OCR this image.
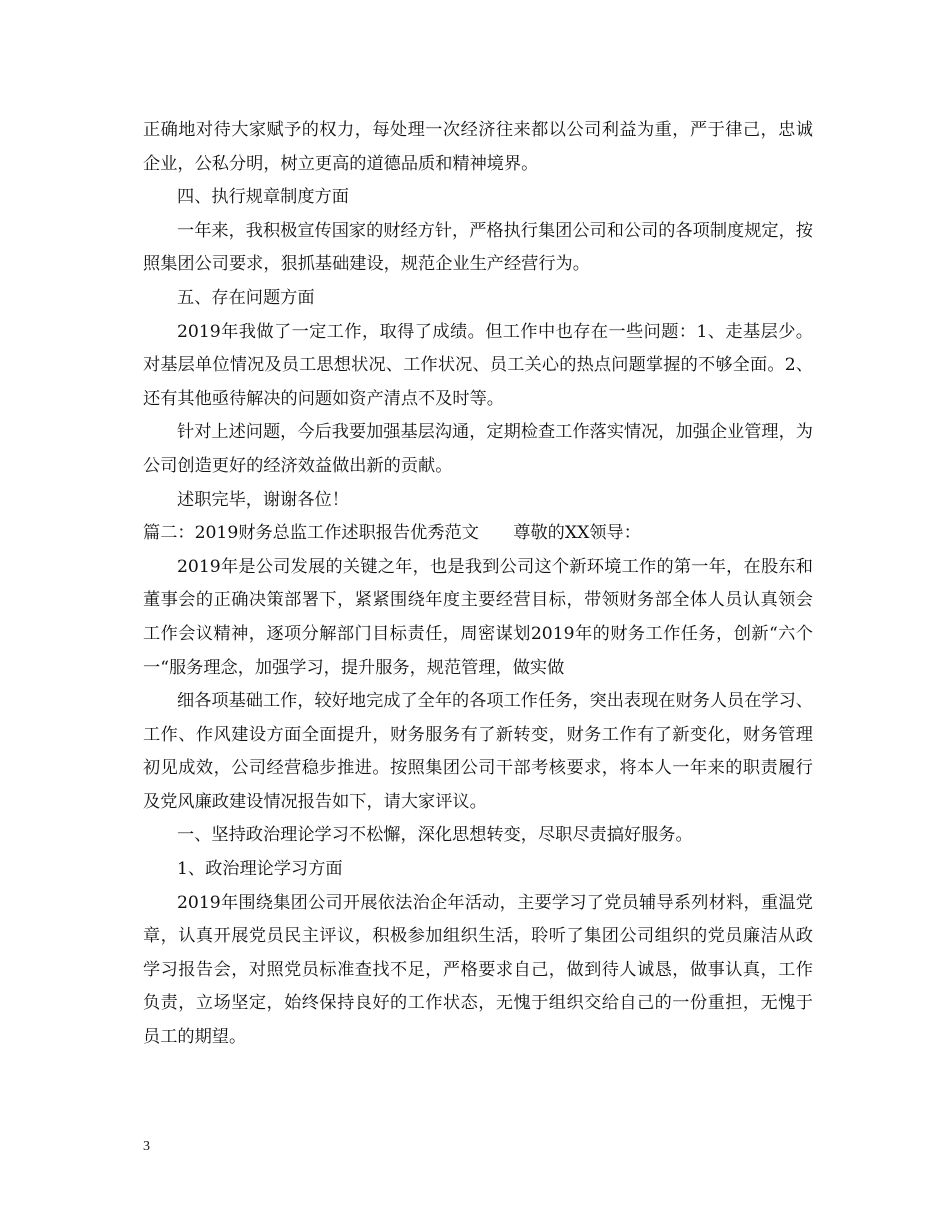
正确地对待大家赋予的权力，每处理一次经济往来都以公司利益为重，严于律己，忠诚企业，公私分明，树立更高的道德品质和精神境界。

四、执行规章制度方面

一年来，我积极宣传国家的财经方针，严格执行集团公司和公司的各项制度规定，按照集团公司要求，狠抓基础建设，规范企业生产经营行为。

五、存在问题方面

2019年我做了一定工作，取得了成绩。但工作中也存在一些问题：1、走基层少。对基层单位情况及员工思想状况、工作状况、员工关心的热点问题掌握的不够全面。2、还有其他亟待解决的问题如资产清点不及时等。

针对上述问题，今后我要加强基层沟通，定期检查工作落实情况，加强企业管理，为公司创造更好的经济效益做出新的贡献。

述职完毕，谢谢各位！

篇二：2019财务总监工作述职报告优秀范文　　尊敬的XX领导：

2019年是公司发展的关键之年，也是我到公司这个新环境工作的第一年，在股东和董事会的正确决策部署下，紧紧围绕年度主要经营目标，带领财务部全体人员认真领会工作会议精神，逐项分解部门目标责任，周密谋划2019年的财务工作任务，创新“六个一“服务理念，加强学习，提升服务，规范管理，做实做

细各项基础工作，较好地完成了全年的各项工作任务，突出表现在财务人员在学习、工作、作风建设方面全面提升，财务服务有了新转变，财务工作有了新变化，财务管理初见成效，公司经营稳步推进。按照集团公司干部考核要求，将本人一年来的职责履行及党风廉政建设情况报告如下，请大家评议。

一、坚持政治理论学习不松懈，深化思想转变，尽职尽责搞好服务。

1、政治理论学习方面

2019年围绕集团公司开展依法治企年活动，主要学习了党员辅导系列材料，重温党章，认真开展党员民主评议，积极参加组织生活，聆听了集团公司组织的党员廉洁从政学习报告会，对照党员标准查找不足，严格要求自己，做到待人诚恳，做事认真，工作负责，立场坚定，始终保持良好的工作状态，无愧于组织交给自己的一份重担，无愧于员工的期望。

3
